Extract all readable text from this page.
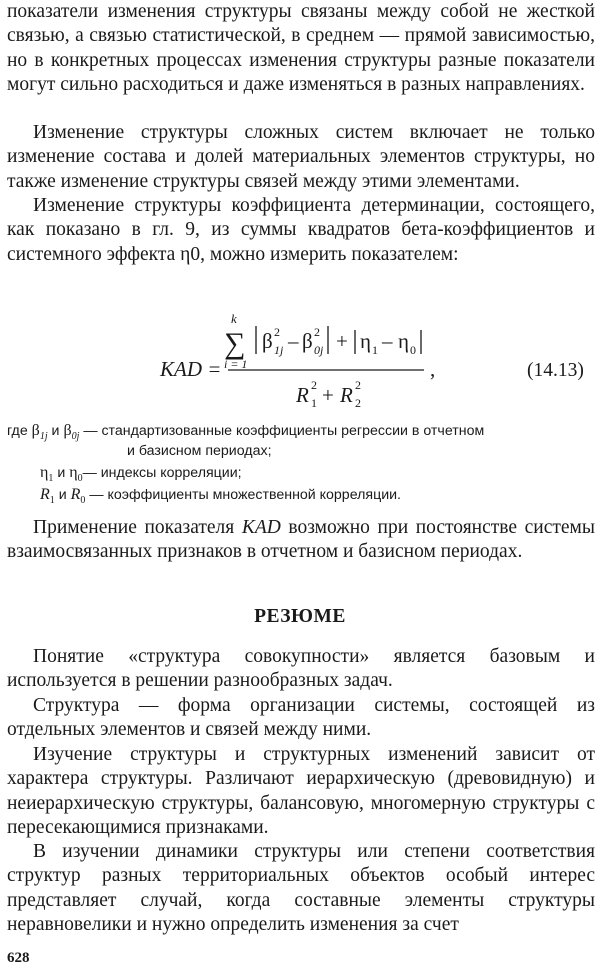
показатели изменения структуры связаны между собой не жесткой связью, а связью статистической, в среднем — прямой зависимостью, но в конкретных процессах изменения структуры разные показатели могут сильно расходиться и даже изменяться в разных направлениях.

Изменение структуры сложных систем включает не только изменение состава и долей материальных элементов структуры, но также изменение структуры связей между этими элементами.

Изменение структуры коэффициента детерминации, состоящего, как показано в гл. 9, из суммы квадратов бета-коэффициентов и системного эффекта η0, можно измерить показателем:

KAD =
k
∑
i = 1
β 2
1j – β 2
0j + η 1 – η 0
R 2
1 + R 2
2
,	(14.13)
где $\beta_{1j}$ и $\beta_{0j}$ — стандартизованные коэффициенты регрессии в отчетном
и базисном периодах;
$\eta_1$ и $\eta_0—$ индексы корреляции;
$R_1$ и $R_0$ — коэффициенты множественной корреляции.

Применение показателя KAD возможно при постоянстве системы взаимосвязанных признаков в отчетном и базисном периодах.

РЕЗЮМЕ

Понятие «структура совокупности» является базовым и используется в решении разнообразных задач.

Структура — форма организации системы, состоящей из отдельных элементов и связей между ними.

Изучение структуры и структурных изменений зависит от характера структуры. Различают иерархическую (древовидную) и неиерархическую структуры, балансовую, многомерную структуры с пересекающимися признаками.

В изучении динамики структуры или степени соответствия структур разных территориальных объектов особый интерес представляет случай, когда составные элементы структуры неравновелики и нужно определить изменения за счет

628
